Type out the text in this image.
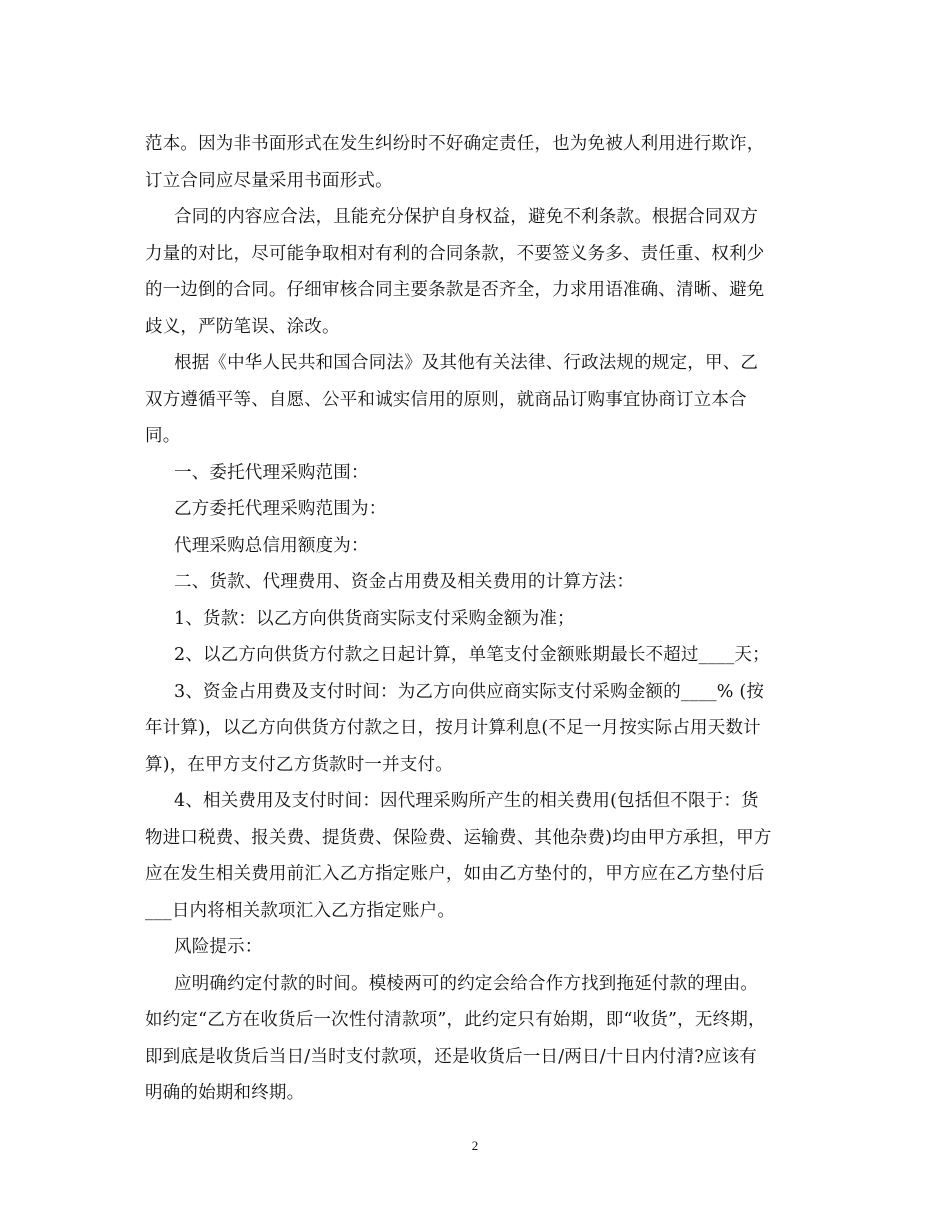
范本。因为非书面形式在发生纠纷时不好确定责任，也为免被人利用进行欺诈，
订立合同应尽量采用书面形式。
合同的内容应合法，且能充分保护自身权益，避免不利条款。根据合同双方
力量的对比，尽可能争取相对有利的合同条款，不要签义务多、责任重、权利少
的一边倒的合同。仔细审核合同主要条款是否齐全，力求用语准确、清晰、避免
歧义，严防笔误、涂改。
根据《中华人民共和国合同法》及其他有关法律、行政法规的规定，甲、乙
双方遵循平等、自愿、公平和诚实信用的原则，就商品订购事宜协商订立本合
同。
一、委托代理采购范围：
乙方委托代理采购范围为：
代理采购总信用额度为：
二、货款、代理费用、资金占用费及相关费用的计算方法：
1、货款：以乙方向供货商实际支付采购金额为准；
2、以乙方向供货方付款之日起计算，单笔支付金额账期最长不超过____天；
3、资金占用费及支付时间：为乙方向供应商实际支付采购金额的____% (按
年计算)，以乙方向供货方付款之日，按月计算利息(不足一月按实际占用天数计
算)，在甲方支付乙方货款时一并支付。
4、相关费用及支付时间：因代理采购所产生的相关费用(包括但不限于：货
物进口税费、报关费、提货费、保险费、运输费、其他杂费)均由甲方承担，甲方
应在发生相关费用前汇入乙方指定账户，如由乙方垫付的，甲方应在乙方垫付后
___日内将相关款项汇入乙方指定账户。
风险提示：
应明确约定付款的时间。模棱两可的约定会给合作方找到拖延付款的理由。
如约定“乙方在收货后一次性付清款项”，此约定只有始期，即“收货”，无终期，
即到底是收货后当日/当时支付款项，还是收货后一日/两日/十日内付清?应该有
明确的始期和终期。
2
